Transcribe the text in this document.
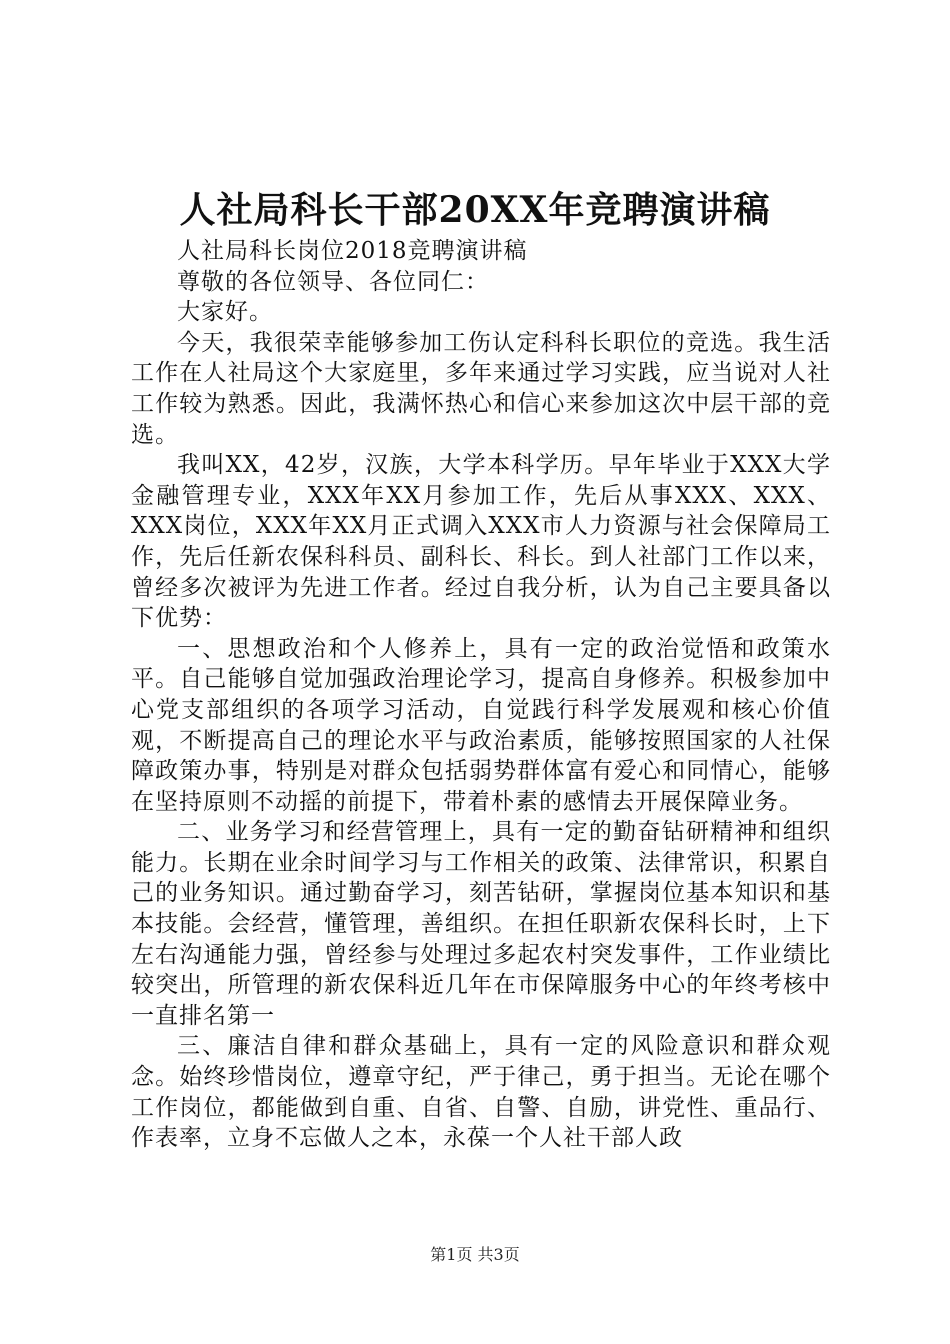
人社局科长干部20XX年竞聘演讲稿

人社局科长岗位2018竞聘演讲稿

尊敬的各位领导、各位同仁：

大家好。

今天，我很荣幸能够参加工伤认定科科长职位的竞选。我生活工作在人社局这个大家庭里，多年来通过学习实践，应当说对人社工作较为熟悉。因此，我满怀热心和信心来参加这次中层干部的竞选。

我叫XX，42岁，汉族，大学本科学历。早年毕业于XXX大学金融管理专业，XXX年XX月参加工作，先后从事XXX、XXX、XXX岗位，XXX年XX月正式调入XXX市人力资源与社会保障局工作，先后任新农保科科员、副科长、科长。到人社部门工作以来，曾经多次被评为先进工作者。经过自我分析，认为自己主要具备以下优势：

一、思想政治和个人修养上，具有一定的政治觉悟和政策水平。自己能够自觉加强政治理论学习，提高自身修养。积极参加中心党支部组织的各项学习活动，自觉践行科学发展观和核心价值观，不断提高自己的理论水平与政治素质，能够按照国家的人社保障政策办事，特别是对群众包括弱势群体富有爱心和同情心，能够在坚持原则不动摇的前提下，带着朴素的感情去开展保障业务。

二、业务学习和经营管理上，具有一定的勤奋钻研精神和组织能力。长期在业余时间学习与工作相关的政策、法律常识，积累自己的业务知识。通过勤奋学习，刻苦钻研，掌握岗位基本知识和基本技能。会经营，懂管理，善组织。在担任职新农保科长时，上下左右沟通能力强，曾经参与处理过多起农村突发事件，工作业绩比较突出，所管理的新农保科近几年在市保障服务中心的年终考核中一直排名第一

三、廉洁自律和群众基础上，具有一定的风险意识和群众观念。始终珍惜岗位，遵章守纪，严于律己，勇于担当。无论在哪个工作岗位，都能做到自重、自省、自警、自励，讲党性、重品行、作表率，立身不忘做人之本，永葆一个人社干部人政

第1页 共3页
